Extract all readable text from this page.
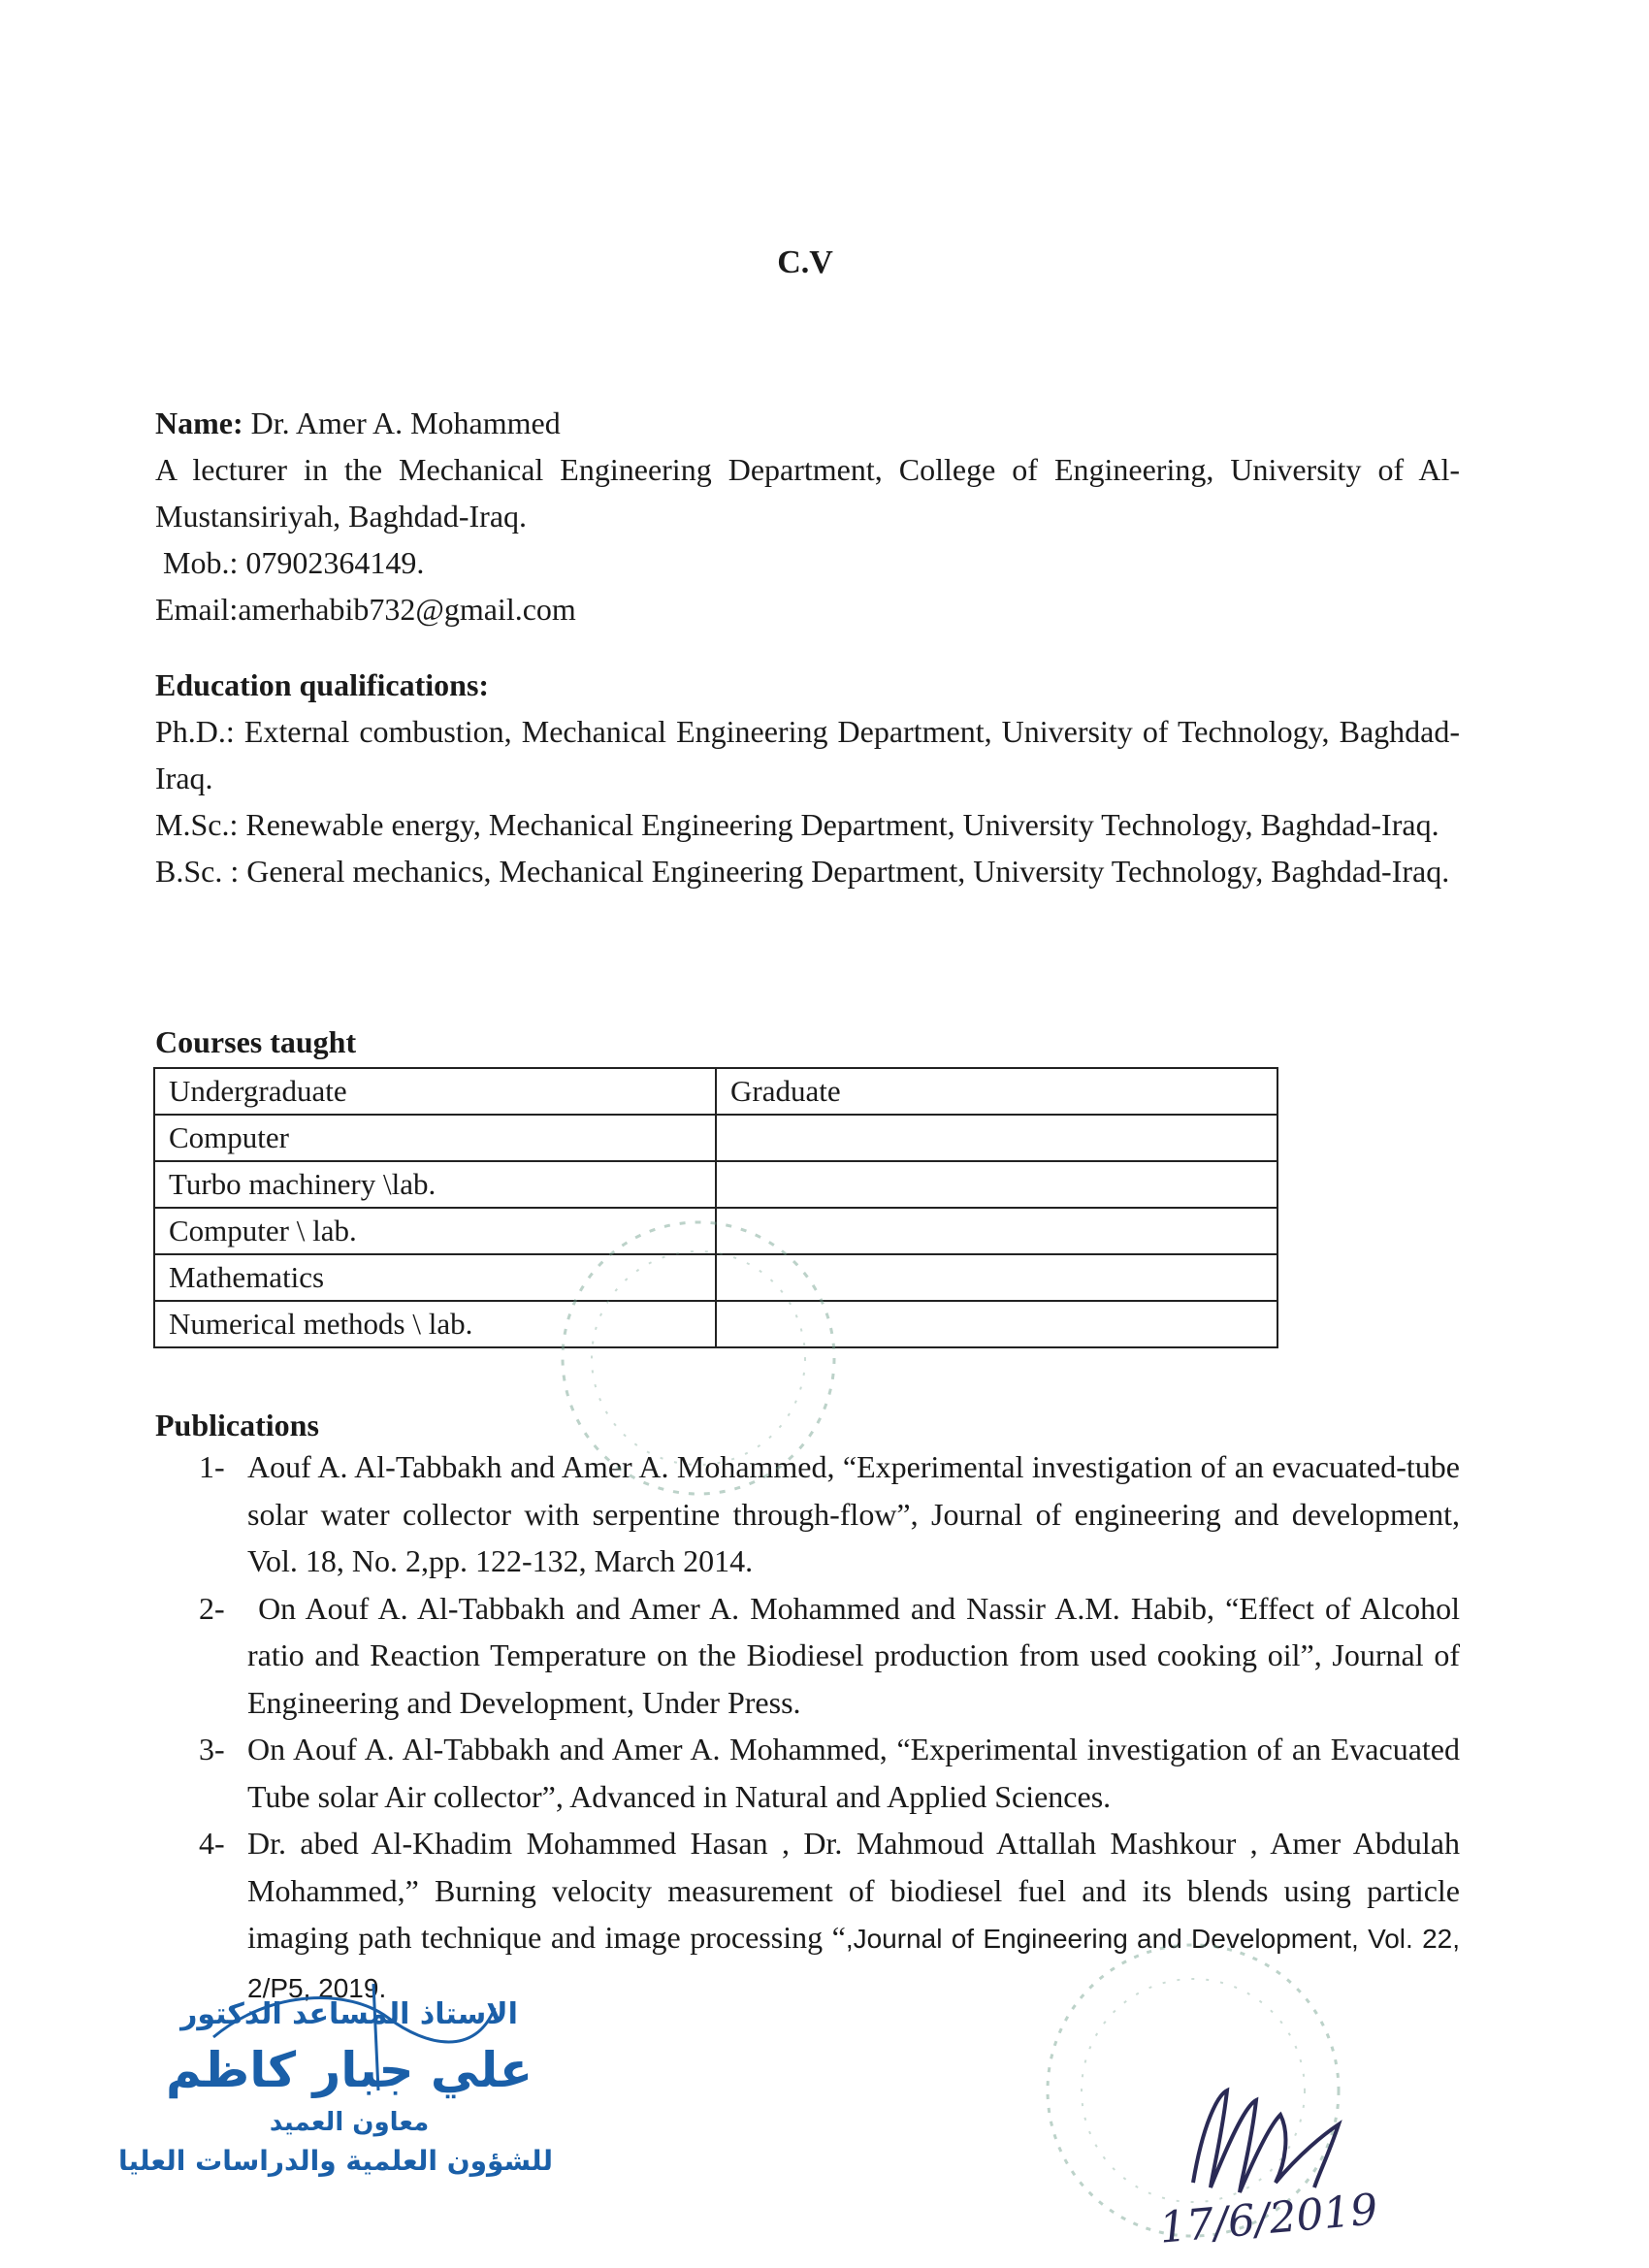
C.V
Name: Dr. Amer A. Mohammed
A lecturer in the Mechanical Engineering Department, College of Engineering, University of Al-Mustansiriyah, Baghdad-Iraq.
Mob.: 07902364149.
Email:amerhabib732@gmail.com
Education qualifications:
Ph.D.: External combustion, Mechanical Engineering Department, University of Technology, Baghdad-Iraq.
M.Sc.: Renewable energy, Mechanical Engineering Department, University Technology, Baghdad-Iraq.
B.Sc. : General mechanics, Mechanical Engineering Department, University Technology, Baghdad-Iraq.
Courses taught
Undergraduate	Graduate
Computer	
Turbo machinery \lab.	
Computer \ lab.	
Mathematics	
Numerical methods \ lab.	
Publications
1- Aouf A. Al-Tabbakh and Amer A. Mohammed, “Experimental investigation of an evacuated-tube solar water collector with serpentine through-flow”, Journal of engineering and development, Vol. 18, No. 2,pp. 122-132, March 2014.
2- On Aouf A. Al-Tabbakh and Amer A. Mohammed and Nassir A.M. Habib, “Effect of Alcohol ratio and Reaction Temperature on the Biodiesel production from used cooking oil”, Journal of Engineering and Development, Under Press.
3- On Aouf A. Al-Tabbakh and Amer A. Mohammed, “Experimental investigation of an Evacuated Tube solar Air collector”, Advanced in Natural and Applied Sciences.
4- Dr. abed Al-Khadim Mohammed Hasan , Dr. Mahmoud Attallah Mashkour , Amer Abdulah Mohammed,” Burning velocity measurement of biodiesel fuel and its blends using particle imaging path technique and image processing “,Journal of Engineering and Development, Vol. 22, 2/P5, 2019.
الاستاذ المساعد الدكتور
علي جبار كاظم
معاون العميد
للشؤون العلمية والدراسات العليا
17/6/2019
